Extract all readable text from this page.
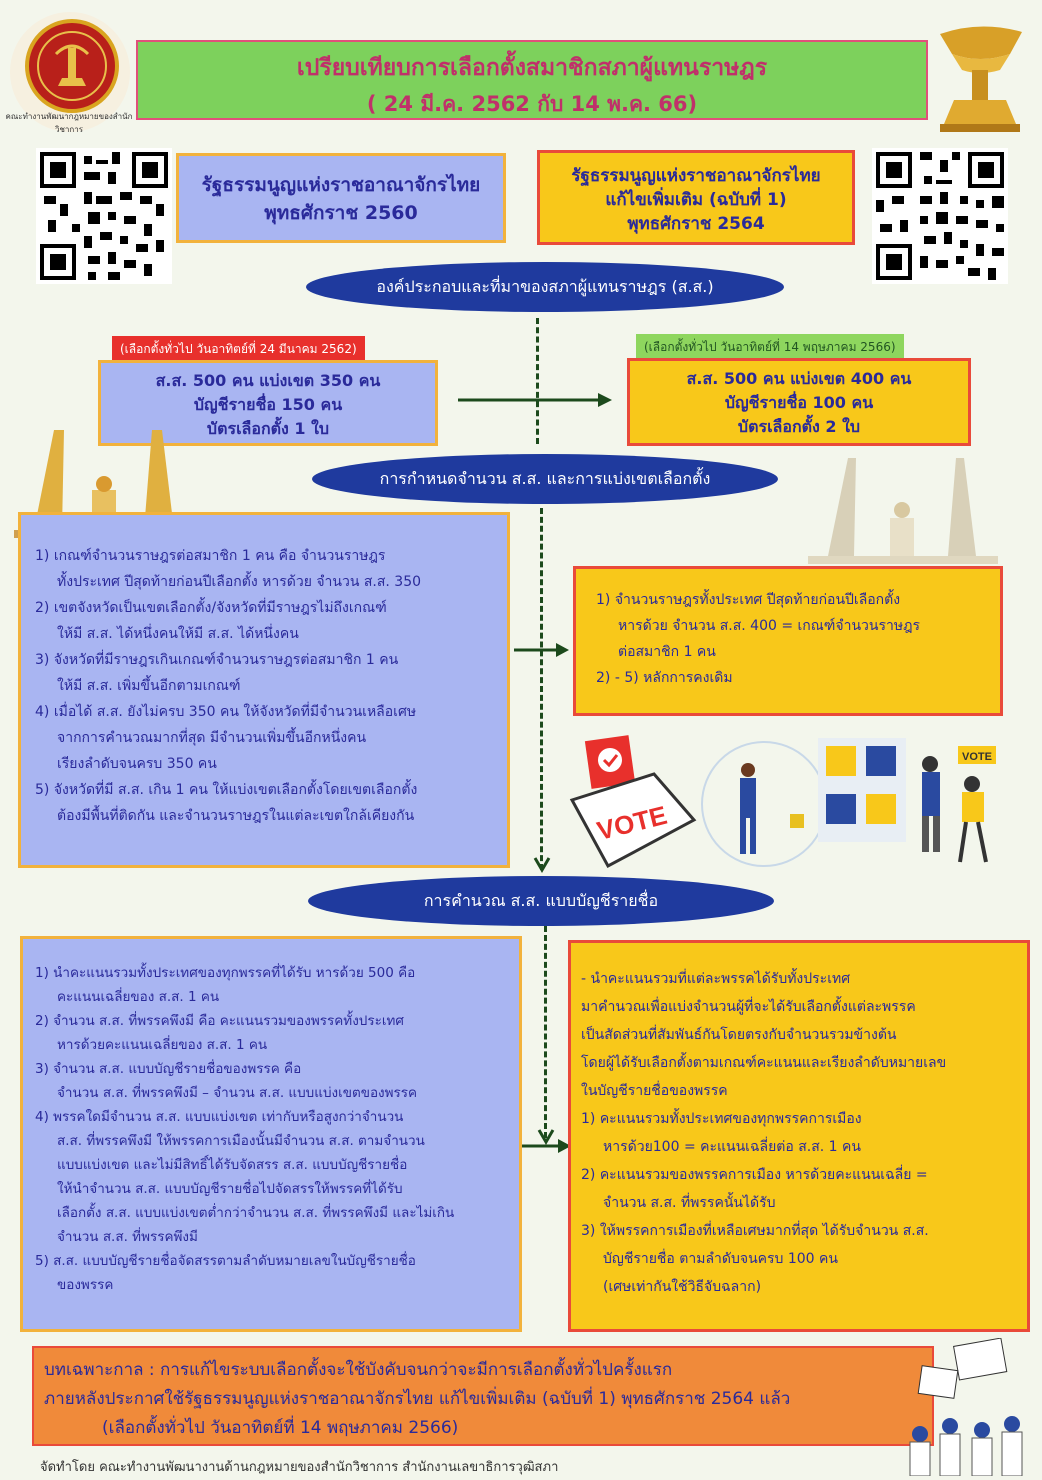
คณะทำงานพัฒนากฎหมายของสำนักวิชาการ
เปรียบเทียบการเลือกตั้งสมาชิกสภาผู้แทนราษฎร
( 24 มี.ค. 2562 กับ 14 พ.ค. 66)
รัฐธรรมนูญแห่งราชอาณาจักรไทย
พุทธศักราช 2560
รัฐธรรมนูญแห่งราชอาณาจักรไทย
แก้ไขเพิ่มเติม (ฉบับที่ 1)
พุทธศักราช 2564
องค์ประกอบและที่มาของสภาผู้แทนราษฎร (ส.ส.)
(เลือกตั้งทั่วไป วันอาทิตย์ที่ 24 มีนาคม 2562)
ส.ส. 500 คน แบ่งเขต 350 คน
บัญชีรายชื่อ 150 คน
บัตรเลือกตั้ง 1 ใบ
(เลือกตั้งทั่วไป วันอาทิตย์ที่ 14 พฤษภาคม 2566)
ส.ส. 500 คน แบ่งเขต 400 คน
บัญชีรายชื่อ 100 คน
บัตรเลือกตั้ง 2 ใบ
การกำหนดจำนวน ส.ส. และการแบ่งเขตเลือกตั้ง
1) เกณฑ์จำนวนราษฎรต่อสมาชิก 1 คน คือ จำนวนราษฎร
ทั้งประเทศ ปีสุดท้ายก่อนปีเลือกตั้ง หารด้วย จำนวน ส.ส. 350
2) เขตจังหวัดเป็นเขตเลือกตั้ง/จังหวัดที่มีราษฎรไม่ถึงเกณฑ์
ให้มี ส.ส. ได้หนึ่งคนให้มี ส.ส. ได้หนึ่งคน
3) จังหวัดที่มีราษฎรเกินเกณฑ์จำนวนราษฎรต่อสมาชิก 1 คน
ให้มี ส.ส. เพิ่มขึ้นอีกตามเกณฑ์
4) เมื่อได้ ส.ส. ยังไม่ครบ 350 คน ให้จังหวัดที่มีจำนวนเหลือเศษ
จากการคำนวณมากที่สุด มีจำนวนเพิ่มขึ้นอีกหนึ่งคน
เรียงลำดับจนครบ 350 คน
5) จังหวัดที่มี ส.ส. เกิน 1 คน ให้แบ่งเขตเลือกตั้งโดยเขตเลือกตั้ง
ต้องมีพื้นที่ติดกัน และจำนวนราษฎรในแต่ละเขตใกล้เคียงกัน
1) จำนวนราษฎรทั้งประเทศ ปีสุดท้ายก่อนปีเลือกตั้ง
หารด้วย จำนวน ส.ส. 400 = เกณฑ์จำนวนราษฎร
ต่อสมาชิก 1 คน
2) - 5) หลักการคงเดิม
VOTE
VOTE
การคำนวณ ส.ส. แบบบัญชีรายชื่อ
1) นำคะแนนรวมทั้งประเทศของทุกพรรคที่ได้รับ หารด้วย 500 คือ
คะแนนเฉลี่ยของ ส.ส. 1 คน
2) จำนวน ส.ส. ที่พรรคพึงมี คือ คะแนนรวมของพรรคทั้งประเทศ
หารด้วยคะแนนเฉลี่ยของ ส.ส. 1 คน
3) จำนวน ส.ส. แบบบัญชีรายชื่อของพรรค คือ
จำนวน ส.ส. ที่พรรคพึงมี – จำนวน ส.ส. แบบแบ่งเขตของพรรค
4) พรรคใดมีจำนวน ส.ส. แบบแบ่งเขต เท่ากับหรือสูงกว่าจำนวน
ส.ส. ที่พรรคพึงมี ให้พรรคการเมืองนั้นมีจำนวน ส.ส. ตามจำนวน
แบบแบ่งเขต และไม่มีสิทธิ์ได้รับจัดสรร ส.ส. แบบบัญชีรายชื่อ
ให้นำจำนวน ส.ส. แบบบัญชีรายชื่อไปจัดสรรให้พรรคที่ได้รับ
เลือกตั้ง ส.ส. แบบแบ่งเขตต่ำกว่าจำนวน ส.ส. ที่พรรคพึงมี และไม่เกิน
จำนวน ส.ส. ที่พรรคพึงมี
5) ส.ส. แบบบัญชีรายชื่อจัดสรรตามลำดับหมายเลขในบัญชีรายชื่อ
ของพรรค
- นำคะแนนรวมที่แต่ละพรรคได้รับทั้งประเทศ
มาคำนวณเพื่อแบ่งจำนวนผู้ที่จะได้รับเลือกตั้งแต่ละพรรค
เป็นสัดส่วนที่สัมพันธ์กันโดยตรงกับจำนวนรวมข้างต้น
โดยผู้ได้รับเลือกตั้งตามเกณฑ์คะแนนและเรียงลำดับหมายเลข
ในบัญชีรายชื่อของพรรค
1) คะแนนรวมทั้งประเทศของทุกพรรคการเมือง
หารด้วย100 = คะแนนเฉลี่ยต่อ ส.ส. 1 คน
2) คะแนนรวมของพรรคการเมือง หารด้วยคะแนนเฉลี่ย =
จำนวน ส.ส. ที่พรรคนั้นได้รับ
3) ให้พรรคการเมืองที่เหลือเศษมากที่สุด ได้รับจำนวน ส.ส.
บัญชีรายชื่อ ตามลำดับจนครบ 100 คน
(เศษเท่ากันใช้วิธีจับฉลาก)
บทเฉพาะกาล : การแก้ไขระบบเลือกตั้งจะใช้บังคับจนกว่าจะมีการเลือกตั้งทั่วไปครั้งแรก
ภายหลังประกาศใช้รัฐธรรมนูญแห่งราชอาณาจักรไทย แก้ไขเพิ่มเติม (ฉบับที่ 1) พุทธศักราช 2564 แล้ว
(เลือกตั้งทั่วไป วันอาทิตย์ที่ 14 พฤษภาคม 2566)
จัดทำโดย คณะทำงานพัฒนางานด้านกฎหมายของสำนักวิชาการ สำนักงานเลขาธิการวุฒิสภา
